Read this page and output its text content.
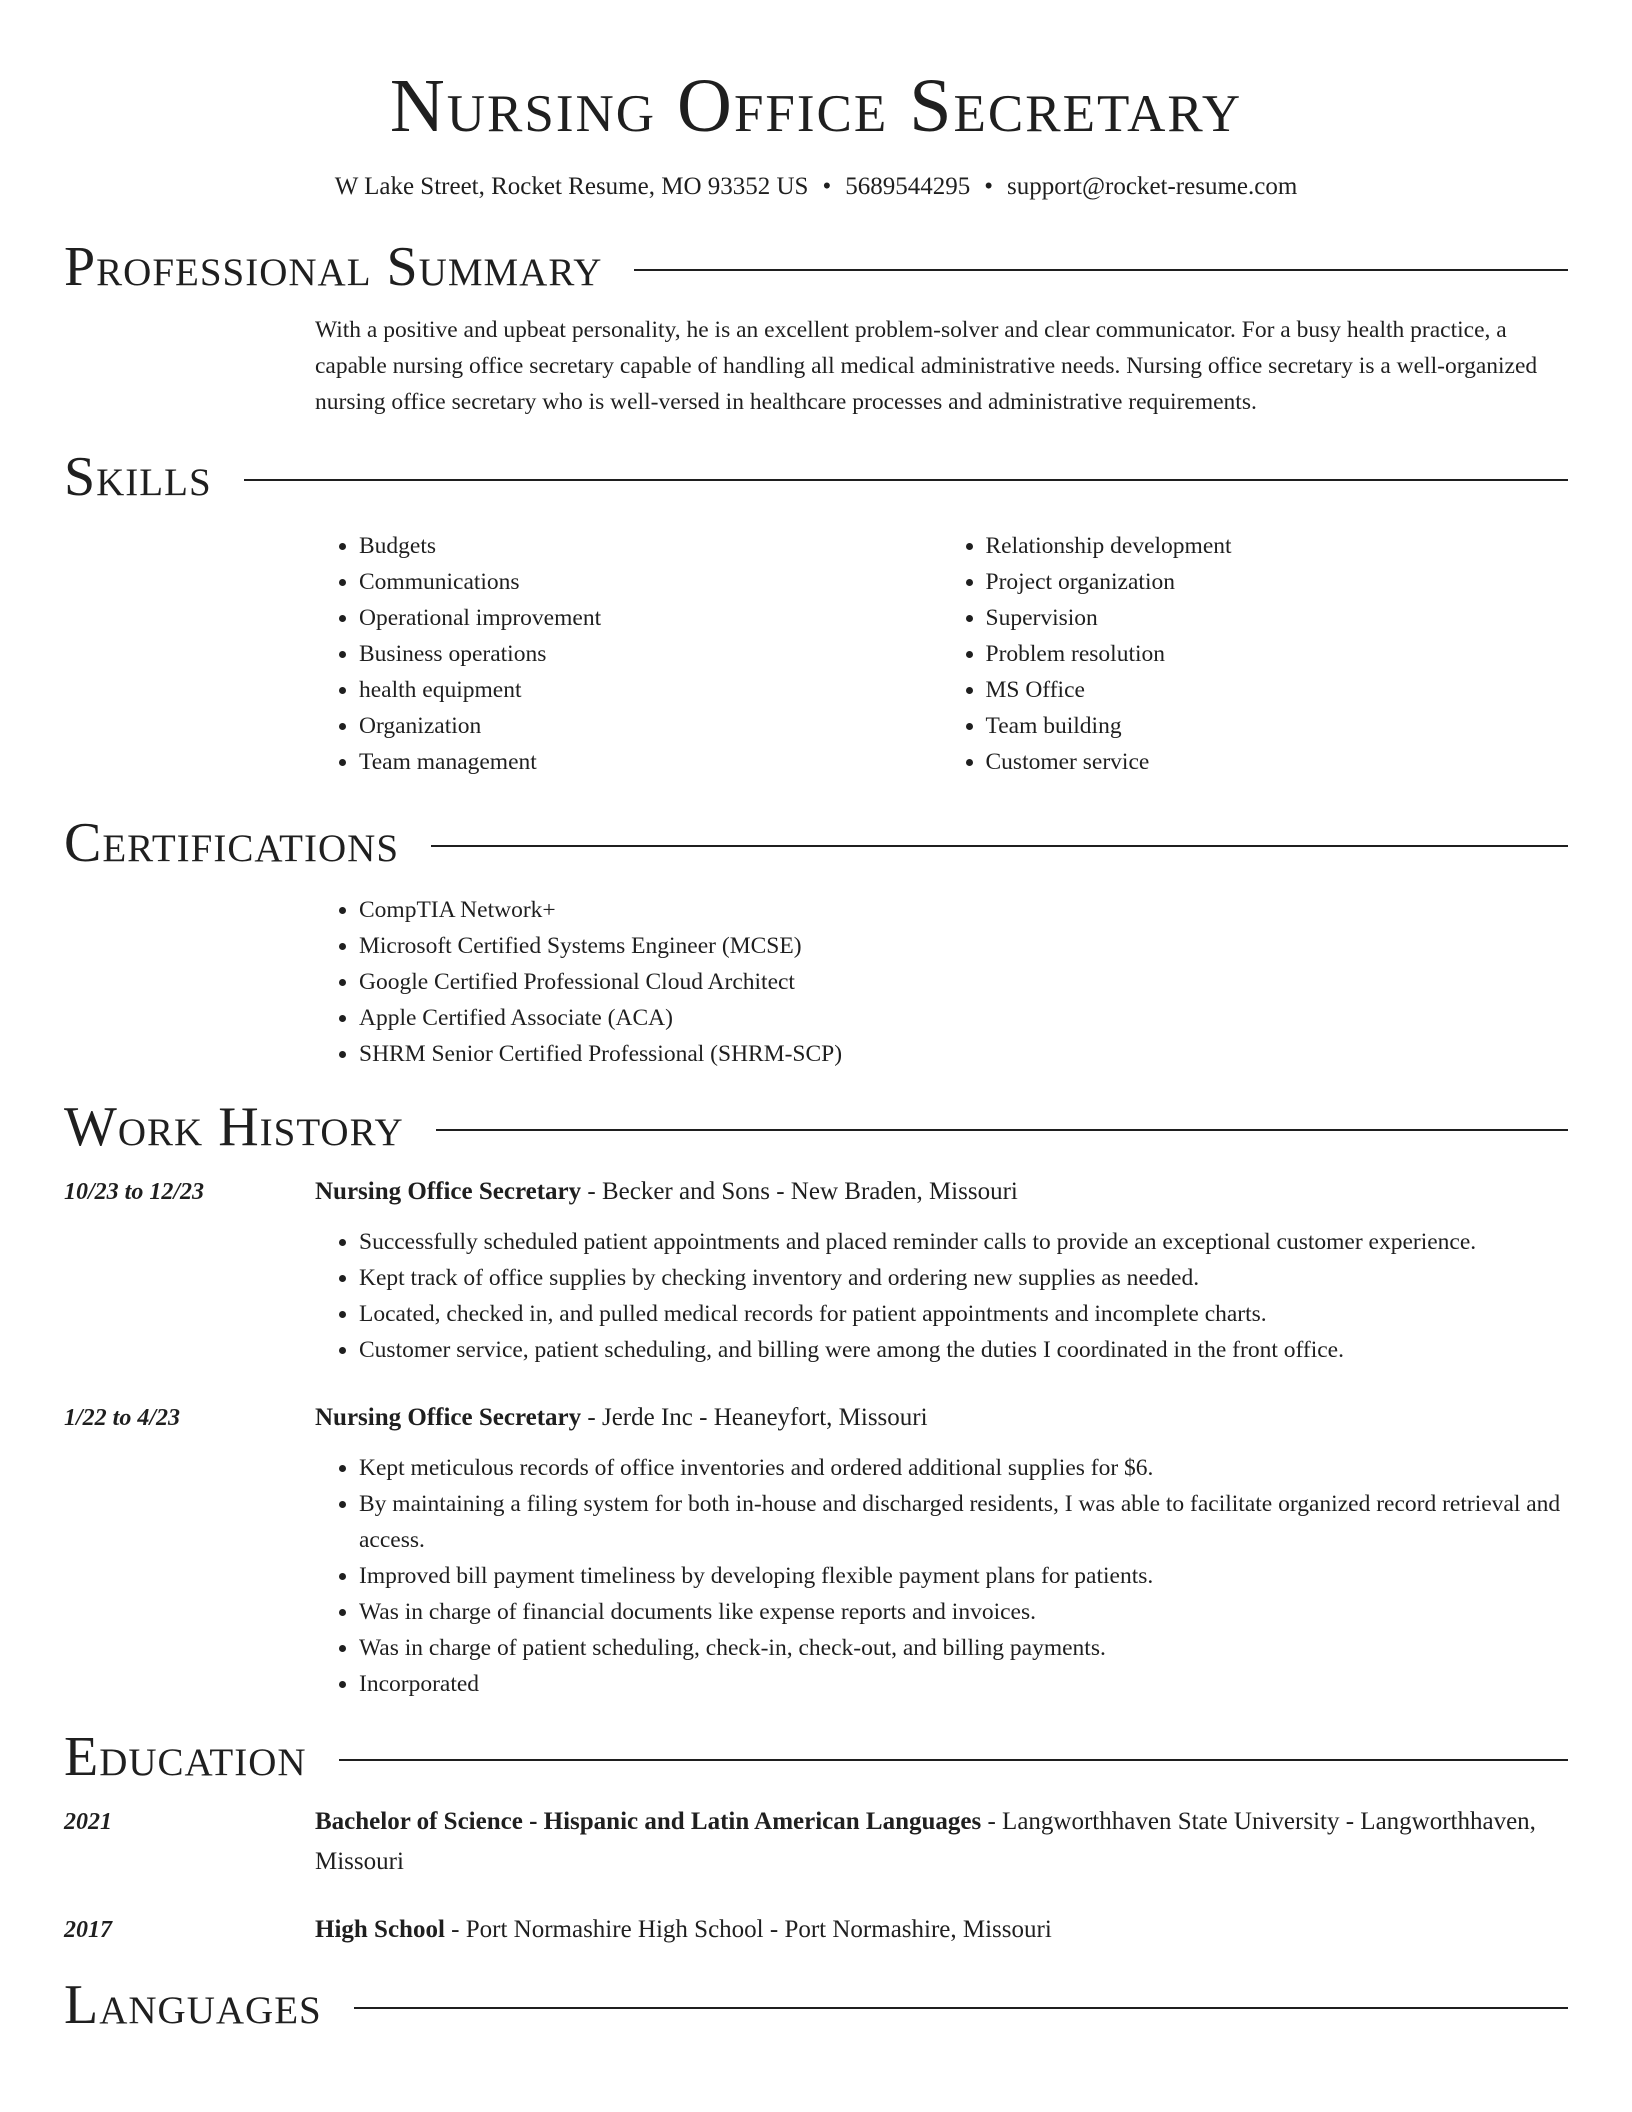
Nursing Office Secretary
W Lake Street, Rocket Resume, MO 93352 US • 5689544295 • support@rocket-resume.com
Professional Summary
With a positive and upbeat personality, he is an excellent problem-solver and clear communicator. For a busy health practice, a capable nursing office secretary capable of handling all medical administrative needs. Nursing office secretary is a well-organized nursing office secretary who is well-versed in healthcare processes and administrative requirements.
Skills
• Budgets
• Communications
• Operational improvement
• Business operations
• health equipment
• Organization
• Team management
• Relationship development
• Project organization
• Supervision
• Problem resolution
• MS Office
• Team building
• Customer service
Certifications
• CompTIA Network+
• Microsoft Certified Systems Engineer (MCSE)
• Google Certified Professional Cloud Architect
• Apple Certified Associate (ACA)
• SHRM Senior Certified Professional (SHRM-SCP)
Work History
10/23 to 12/23	Nursing Office Secretary - Becker and Sons - New Braden, Missouri
• Successfully scheduled patient appointments and placed reminder calls to provide an exceptional customer experience.
• Kept track of office supplies by checking inventory and ordering new supplies as needed.
• Located, checked in, and pulled medical records for patient appointments and incomplete charts.
• Customer service, patient scheduling, and billing were among the duties I coordinated in the front office.
1/22 to 4/23	Nursing Office Secretary - Jerde Inc - Heaneyfort, Missouri
• Kept meticulous records of office inventories and ordered additional supplies for $6.
• By maintaining a filing system for both in-house and discharged residents, I was able to facilitate organized record retrieval and access.
• Improved bill payment timeliness by developing flexible payment plans for patients.
• Was in charge of financial documents like expense reports and invoices.
• Was in charge of patient scheduling, check-in, check-out, and billing payments.
• Incorporated
Education
2021	Bachelor of Science - Hispanic and Latin American Languages - Langworthhaven State University - Langworthhaven, Missouri
2017	High School - Port Normashire High School - Port Normashire, Missouri
Languages
